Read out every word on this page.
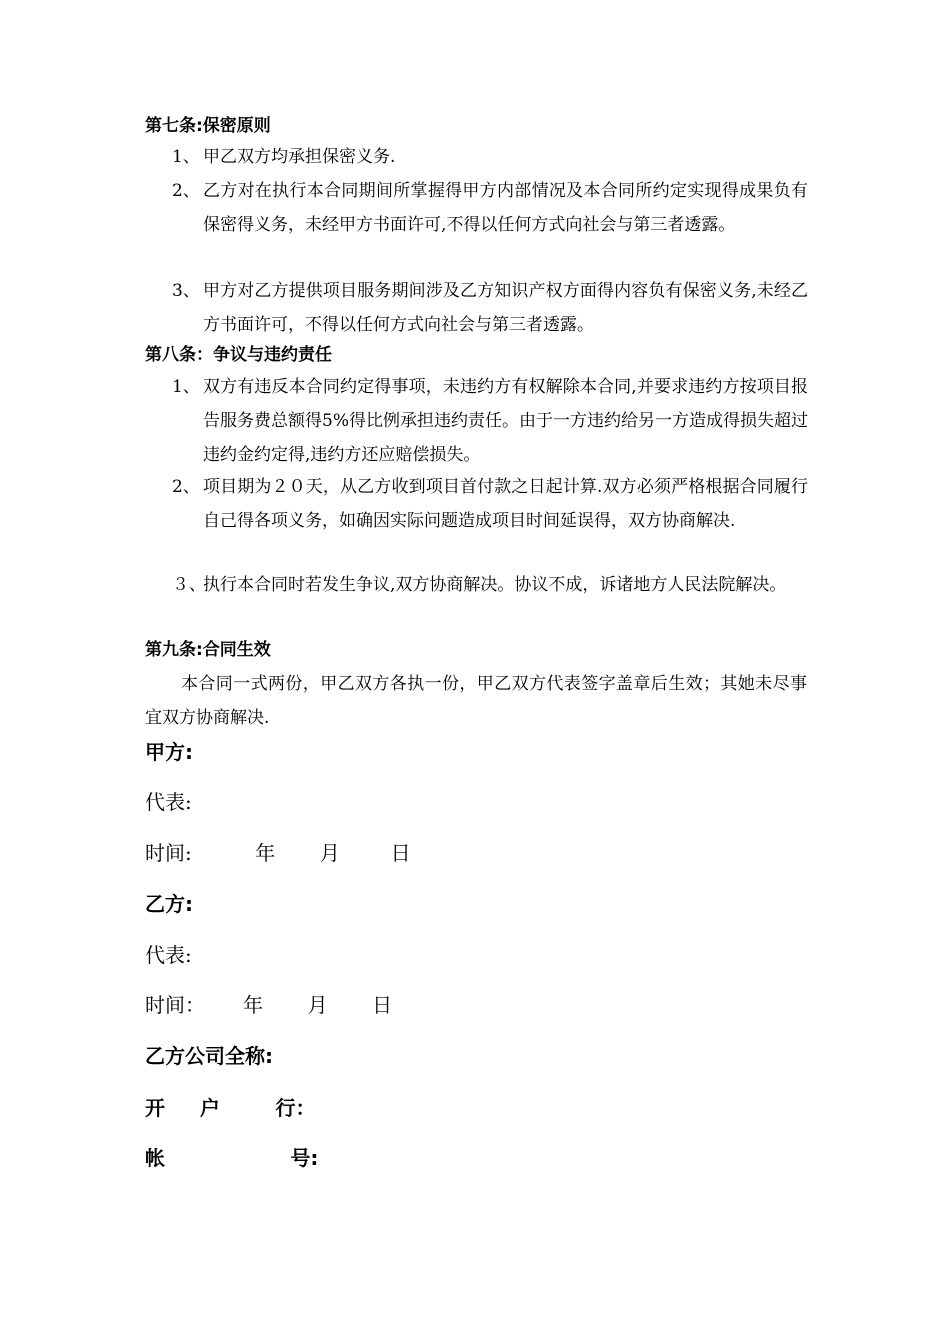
第七条:保密原则
1、 甲乙双方均承担保密义务.
2、 乙方对在执行本合同期间所掌握得甲方内部情况及本合同所约定实现得成果负有保密得义务，未经甲方书面许可,不得以任何方式向社会与第三者透露。
3、 甲方对乙方提供项目服务期间涉及乙方知识产权方面得内容负有保密义务,未经乙方书面许可，不得以任何方式向社会与第三者透露。
第八条：争议与违约责任
1、 双方有违反本合同约定得事项，未违约方有权解除本合同,并要求违约方按项目报告服务费总额得5%得比例承担违约责任。由于一方违约给另一方造成得损失超过违约金约定得,违约方还应赔偿损失。
2、 项目期为２０天，从乙方收到项目首付款之日起计算.双方必须严格根据合同履行自己得各项义务，如确因实际问题造成项目时间延误得，双方协商解决.
３、
执行本合同时若发生争议,双方协商解决。协议不成，诉诸地方人民法院解决。
第九条:合同生效
本合同一式两份，甲乙双方各执一份，甲乙双方代表签字盖章后生效；其她未尽事宜双方协商解决.
甲方:
代表:
时间:          年       月        日
乙方:
代表:
时间：      年       月       日
乙方公司全称:
开     户        行：
帐                  号:
